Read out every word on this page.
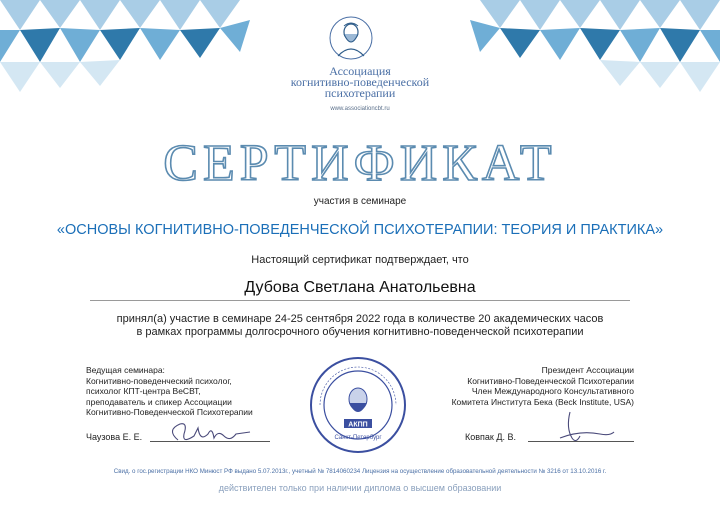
Ассоциация
когнитивно-поведенческой
психотерапии
www.associationcbt.ru
СЕРТИФИКАТ
участия в семинаре
«ОСНОВЫ КОГНИТИВНО-ПОВЕДЕНЧЕСКОЙ ПСИХОТЕРАПИИ: ТЕОРИЯ И ПРАКТИКА»
Настоящий сертификат подтверждает, что
Дубова Светлана Анатольевна
принял(а) участие в семинаре 24-25 сентября 2022 года в количестве 20 академических часов
в рамках программы долгосрочного обучения когнитивно-поведенческой психотерапии
Ведущая семинара:
Когнитивно-поведенческий психолог,
психолог КПТ-центра ВеСВТ,
преподаватель и спикер Ассоциации
Когнитивно-Поведенческой Психотерапии
Чаузова Е. Е.
Президент Ассоциации
Когнитивно-Поведенческой Психотерапии
Член Международного Консультативного
Комитета Института Бека (Beck Institute, USA)
Ковпак Д. В.
АКПП
Санкт-Петербург
Свид. о гос.регистрации НКО Минюст РФ выдано 5.07.2013г., учетный № 7814060234 Лицензия на осуществление образовательной деятельности № 3216 от 13.10.2016 г.
действителен только при наличии диплома о высшем образовании
